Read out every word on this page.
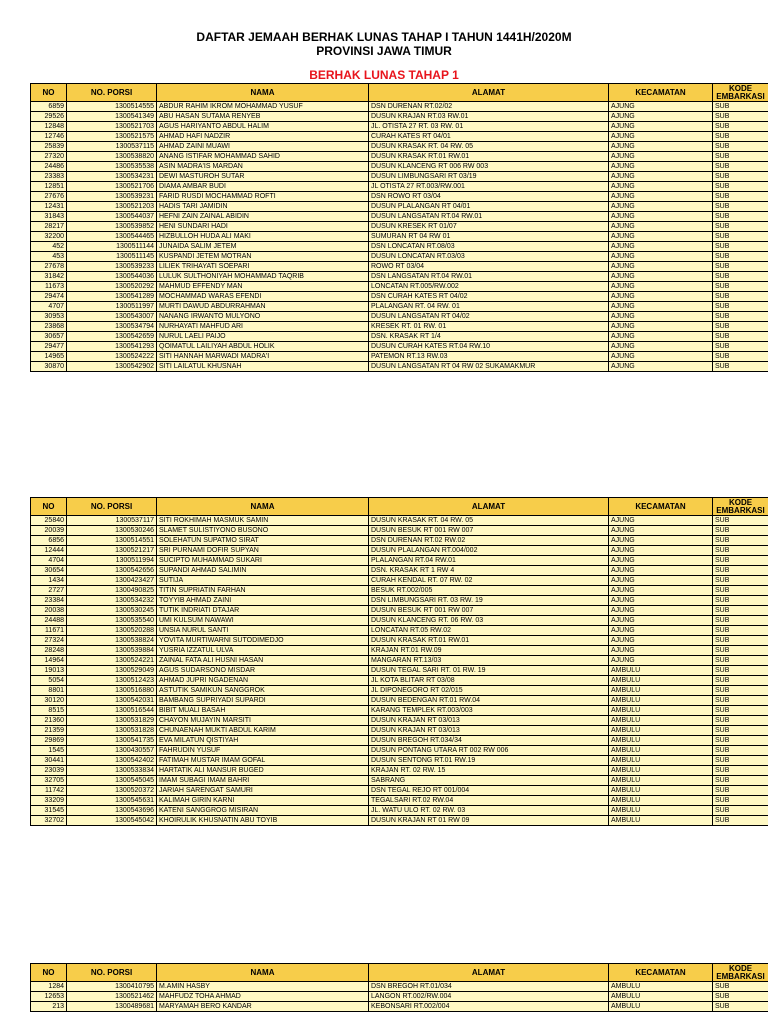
DAFTAR JEMAAH BERHAK LUNAS TAHAP I TAHUN 1441H/2020M
PROVINSI JAWA TIMUR
BERHAK LUNAS TAHAP 1
NO	NO. PORSI	NAMA	ALAMAT	KECAMATAN	KODE EMBARKASI
6859	1300514555	ABDUR RAHIM IKROM MOHAMMAD YUSUF	DSN DURENAN RT.02/02	AJUNG	SUB
29526	1300541349	ABU HASAN SUTAMA RENYEB	DUSUN KRAJAN RT.03 RW.01	AJUNG	SUB
12848	1300521703	AGUS HARIYANTO ABDUL HALIM	JL. OTISTA 27 RT. 03 RW. 01	AJUNG	SUB
12746	1300521575	AHMAD HAFI NADZIR	CURAH KATES RT 04/01	AJUNG	SUB
25839	1300537115	AHMAD ZAINI MUAWI	DUSUN KRASAK RT. 04 RW. 05	AJUNG	SUB
27320	1300538820	ANANG ISTIFAR MOHAMMAD SAHID	DUSUN KRASAK RT.01 RW.01	AJUNG	SUB
24486	1300535538	ASIN MADRA'IS MARDAN	DUSUN KLANCENG RT 006 RW 003	AJUNG	SUB
23383	1300534231	DEWI MASTUROH SUTAR	DUSUN LIMBUNGSARI RT 03/19	AJUNG	SUB
12851	1300521706	DIAMA AMBAR BUDI	JL OTISTA 27 RT.003/RW.001	AJUNG	SUB
27676	1300539231	FARID RUSDI MOCHAMMAD ROFTI	DSN ROWO RT 03/04	AJUNG	SUB
12431	1300521203	HADIS TARI JAMIDIN	DUSUN PLALANGAN RT 04/01	AJUNG	SUB
31843	1300544037	HEFNI ZAIN ZAINAL ABIDIN	DUSUN LANGSATAN RT.04 RW.01	AJUNG	SUB
28217	1300539852	HENI SUNDARI HADI	DUSUN KRESEK RT 01/07	AJUNG	SUB
32200	1300544465	HIZBULLOH HUDA ALI MAKI	SUMURAN RT 04 RW 01	AJUNG	SUB
452	1300511144	JUNAIDA SALIM JETEM	DSN LONCATAN RT.08/03	AJUNG	SUB
453	1300511145	KUSPANDI JETEM MOTRAN	DUSUN LONCATAN RT.03/03	AJUNG	SUB
27678	1300539233	LILIEK TRIHAYATI SOEPARI	ROWO RT 03/04	AJUNG	SUB
31842	1300544036	LULUK SULTHONIYAH MOHAMMAD TAQRIB	DSN LANGSATAN RT.04 RW.01	AJUNG	SUB
11673	1300520292	MAHMUD EFFENDY MAN	LONCATAN RT.005/RW.002	AJUNG	SUB
29474	1300541289	MOCHAMMAD WARAS EFENDI	DSN CURAH KATES RT 04/02	AJUNG	SUB
4707	1300511997	MURTI DAWUD ABDURRAHMAN	PLALANGAN RT. 04 RW. 01	AJUNG	SUB
30953	1300543007	NANANG IRWANTO MULYONO	DUSUN LANGSATAN RT 04/02	AJUNG	SUB
23868	1300534794	NURHAYATI MAHFUD ARI	KRESEK RT. 01 RW. 01	AJUNG	SUB
30657	1300542659	NURUL LAELI PAIJO	DSN. KRASAK RT 1/4	AJUNG	SUB
29477	1300541293	QOIMATUL LAILIYAH ABDUL HOLIK	DUSUN CURAH KATES RT.04 RW.10	AJUNG	SUB
14965	1300524222	SITI HANNAH MARWADI MADRA'I	PATEMON RT.13 RW.03	AJUNG	SUB
30870	1300542902	SITI LAILATUL KHUSNAH	DUSUN LANGSATAN RT 04 RW 02 SUKAMAKMUR	AJUNG	SUB
NO	NO. PORSI	NAMA	ALAMAT	KECAMATAN	KODE EMBARKASI
25840	1300537117	SITI ROKHIMAH MASMUK SAMIN	DUSUN KRASAK RT. 04 RW. 05	AJUNG	SUB
20039	1300530246	SLAMET SULISTIYONO BUSONO	DUSUN BESUK RT 001 RW 007	AJUNG	SUB
6856	1300514551	SOLEHATUN SUPATMO SIRAT	DSN DURENAN RT.02 RW.02	AJUNG	SUB
12444	1300521217	SRI PURNAMI DOFIR SUPYAN	DUSUN PLALANGAN RT.004/002	AJUNG	SUB
4704	1300511994	SUCIPTO MUHAMMAD SUKARI	PLALANGAN RT.04 RW.01	AJUNG	SUB
30654	1300542656	SUPANDI AHMAD SALIMIN	DSN. KRASAK RT 1 RW 4	AJUNG	SUB
1434	1300423427	SUTIJA	CURAH KENDAL RT. 07 RW. 02	AJUNG	SUB
2727	1300490825	TITIN SUPRIATIN FARHAN	BESUK RT.002/005	AJUNG	SUB
23384	1300534232	TOYYIB AHMAD ZAINI	DSN LIMBUNGSARI RT. 03 RW. 19	AJUNG	SUB
20038	1300530245	TUTIK INDRIATI DTAJAR	DUSUN BESUK RT 001 RW 007	AJUNG	SUB
24488	1300535540	UMI KULSUM NAWAWI	DUSUN KLANCENG RT. 06 RW. 03	AJUNG	SUB
11671	1300520288	UNSIA NURUL SANTI	LONCATAN RT.05 RW.02	AJUNG	SUB
27324	1300538824	YOVITA MURTIWARNI SUTODIMEDJO	DUSUN KRASAK RT.01 RW.01	AJUNG	SUB
28248	1300539884	YUSRIA IZZATUL ULVA	KRAJAN RT.01 RW.09	AJUNG	SUB
14964	1300524221	ZAINAL FATA ALI HUSNI HASAN	MANGARAN RT.13/03	AJUNG	SUB
19013	1300529049	AGUS SUDARSONO MISDAR	DUSUN TEGAL SARI RT. 01 RW. 19	AMBULU	SUB
5054	1300512423	AHMAD JUPRI NGADENAN	JL KOTA BLITAR RT 03/08	AMBULU	SUB
8801	1300516880	ASTUTIK SAMIKUN SANGGROK	JL DIPONEGORO RT 02/015	AMBULU	SUB
30120	1300542031	BAMBANG SUPRIYADI SUPARDI	DUSUN BEDENGAN RT.01 RW.04	AMBULU	SUB
8515	1300516544	BIBIT MUALI BASAH	KARANG TEMPLEK RT.003/003	AMBULU	SUB
21360	1300531829	CHAYON MUJAYIN MARSITI	DUSUN KRAJAN RT 03/013	AMBULU	SUB
21359	1300531828	CHUNAENAH MUKTI ABDUL KARIM	DUSUN KRAJAN RT 03/013	AMBULU	SUB
29869	1300541735	EVA MILATUN QISTIYAH	DUSUN BREGOH RT.034/34	AMBULU	SUB
1545	1300430557	FAHRUDIN YUSUF	DUSUN PONTANG UTARA RT 002 RW 006	AMBULU	SUB
30441	1300542402	FATIMAH MUSTAR IMAM GOFAL	DUSUN SENTONG RT.01 RW.19	AMBULU	SUB
23039	1300533834	HARTATIK ALI MANSUR BUGED	KRAJAN RT. 02 RW. 15	AMBULU	SUB
32705	1300545045	IMAM SUBAGI IMAM BAHRI	SABRANG	AMBULU	SUB
11742	1300520372	JARIAH SARENGAT SAMURI	DSN TEGAL REJO RT 001/004	AMBULU	SUB
33209	1300545631	KALIMAH GIRIN KARNI	TEGALSARI RT.02 RW.04	AMBULU	SUB
31545	1300543696	KATENI SANGGROG MISIRAN	JL. WATU ULO RT. 02 RW. 03	AMBULU	SUB
32702	1300545042	KHOIRULIK KHUSNATIN ABU TOYIB	DUSUN KRAJAN RT 01 RW 09	AMBULU	SUB
NO	NO. PORSI	NAMA	ALAMAT	KECAMATAN	KODE EMBARKASI
1284	1300410795	M.AMIN HASBY	DSN BREGOH RT.01/034	AMBULU	SUB
12653	1300521462	MAHFUDZ TOHA AHMAD	LANGON RT.002/RW.004	AMBULU	SUB
213	1300489681	MARYAMAH BERO KANDAR	KEBONSARI RT.002/004	AMBULU	SUB
